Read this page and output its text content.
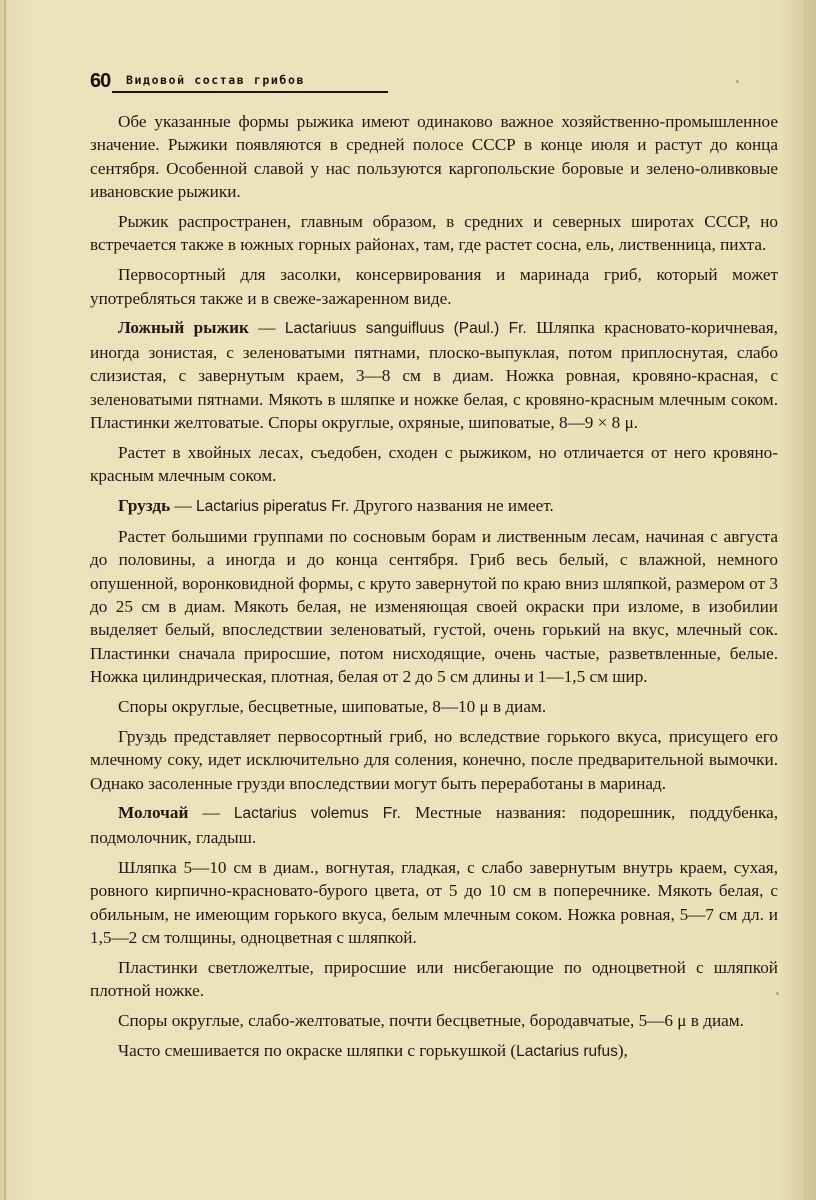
60 Видовой состав грибов

Обе указанные формы рыжика имеют одинаково важное хозяйственно-промышленное значение. Рыжики появляются в средней полосе СССР в конце июля и растут до конца сентября. Особенной славой у нас пользуются каргопольские боровые и зелено-оливковые ивановские рыжики.

Рыжик распространен, главным образом, в средних и северных широтах СССР, но встречается также в южных горных районах, там, где растет сосна, ель, лиственница, пихта.

Первосортный для засолки, консервирования и маринада гриб, который может употребляться также и в свеже-зажаренном виде.

Ложный рыжик — Lactariuus sanguifluus (Paul.) Fr. Шляпка красновато-коричневая, иногда зонистая, с зеленоватыми пятнами, плоско-выпуклая, потом приплоснутая, слабо слизистая, с завернутым краем, 3—8 см в диам. Ножка ровная, кровяно-красная, с зеленоватыми пятнами. Мякоть в шляпке и ножке белая, с кровяно-красным млечным соком. Пластинки желтоватые. Споры округлые, охряные, шиповатые, 8—9 × 8 μ.

Растет в хвойных лесах, съедобен, сходен с рыжиком, но отличается от него кровяно-красным млечным соком.

Груздь — Lactarius piperatus Fr. Другого названия не имеет.

Растет большими группами по сосновым борам и лиственным лесам, начиная с августа до половины, а иногда и до конца сентября. Гриб весь белый, с влажной, немного опушенной, воронковидной формы, с круто завернутой по краю вниз шляпкой, размером от 3 до 25 см в диам. Мякоть белая, не изменяющая своей окраски при изломе, в изобилии выделяет белый, впоследствии зеленоватый, густой, очень горький на вкус, млечный сок. Пластинки сначала приросшие, потом нисходящие, очень частые, разветвленные, белые. Ножка цилиндрическая, плотная, белая от 2 до 5 см длины и 1—1,5 см шир.

Споры округлые, бесцветные, шиповатые, 8—10 μ в диам.

Груздь представляет первосортный гриб, но вследствие горького вкуса, присущего его млечному соку, идет исключительно для соления, конечно, после предварительной вымочки. Однако засоленные грузди впоследствии могут быть переработаны в маринад.

Молочай — Lactarius volemus Fr. Местные названия: подорешник, поддубенка, подмолочник, гладыш.

Шляпка 5—10 см в диам., вогнутая, гладкая, с слабо завернутым внутрь краем, сухая, ровного кирпично-красновато-бурого цвета, от 5 до 10 см в поперечнике. Мякоть белая, с обильным, не имеющим горького вкуса, белым млечным соком. Ножка ровная, 5—7 см дл. и 1,5—2 см толщины, одноцветная с шляпкой.

Пластинки светложелтые, приросшие или нисбегающие по одноцветной с шляпкой плотной ножке.

Споры округлые, слабо-желтоватые, почти бесцветные, бородавчатые, 5—6 μ в диам.

Часто смешивается по окраске шляпки с горькушкой (Lactarius rufus),
